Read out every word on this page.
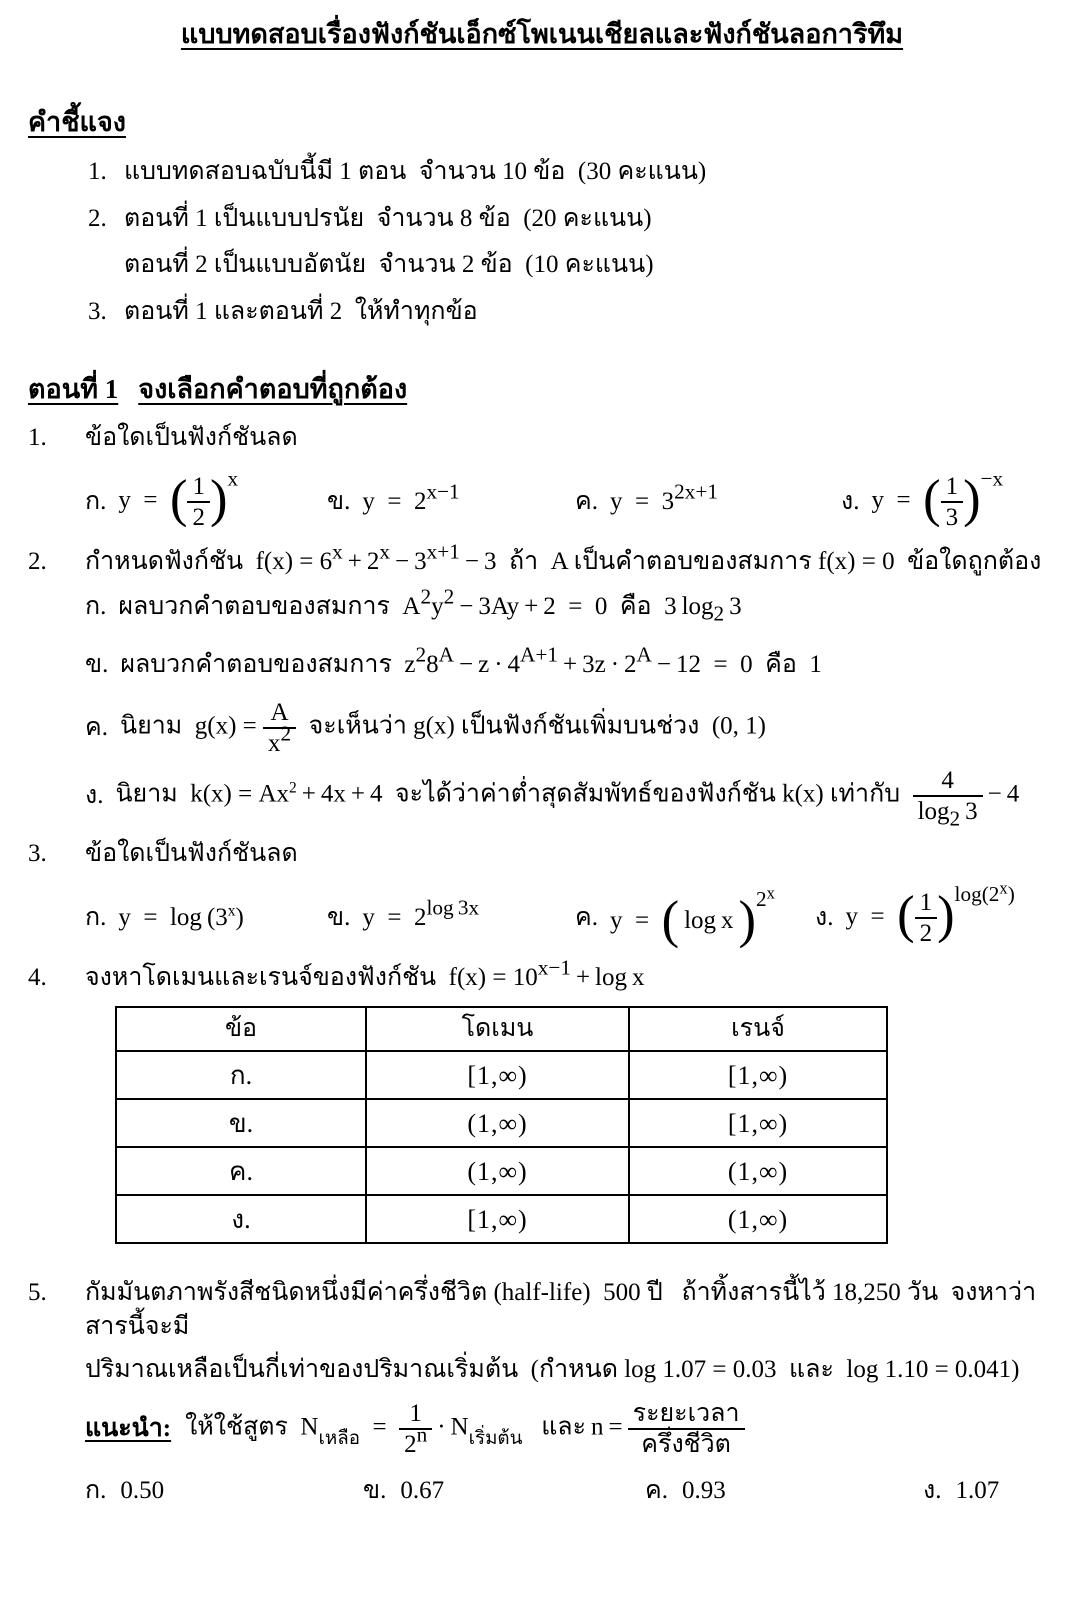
แบบทดสอบเรื่องฟังก์ชันเอ็กซ์โพเนนเชียลและฟังก์ชันลอการิทึม
คำชี้แจง
1. แบบทดสอบฉบับนี้มี 1 ตอน  จำนวน 10 ข้อ  (30 คะแนน)
2. ตอนที่ 1 เป็นแบบปรนัย  จำนวน 8 ข้อ  (20 คะแนน)
ตอนที่ 2 เป็นแบบอัตนัย  จำนวน 2 ข้อ  (10 คะแนน)
3. ตอนที่ 1 และตอนที่ 2  ให้ทำทุกข้อ
ตอนที่ 1 จงเลือกคำตอบที่ถูกต้อง
1.	ข้อใดเป็นฟังก์ชันลด
ก. y  =  ( $\frac{1}{2} )^x$
ข. $y = 2^{x-1}$	ค. $y = 3^{2x+1}$	ง. y  =  ( $\frac{1}{3} )^{-x}$
2.	กำหนดฟังก์ชัน  $f(x) = 6^x + 2^x - 3^{x+1} - 3$  ถ้า  A เป็นคำตอบของสมการ f(x) = 0  ข้อใดถูกต้อง
ก. ผลบวกคำตอบของสมการ  $A^2y^2 - 3Ay + 2 = 0$  คือ  3 $\log_2 3$
ข. ผลบวกคำตอบของสมการ  $z^28^A - z \cdot 4^{A+1} + 3z \cdot 2^A - 12 = 0$  คือ  1
ค. นิยาม  $g(x) = \frac{A}{x^2}$ จะเห็นว่า g(x) เป็นฟังก์ชันเพิ่มบนช่วง  (0, 1)
ง. นิยาม  $k(x) = Ax^2 + 4x + 4$  จะได้ว่าค่าต่ำสุดสัมพัทธ์ของฟังก์ชัน k(x) เท่ากับ $\frac{4}{\log_2 3} - 4$
3.	ข้อใดเป็นฟังก์ชันลด
ก. y  =  log (3$^x$)	ข. $y = 2^{log 3x}$	ค. y  =  ( log x )$^{2^x}$
ง. y  =  ( $\frac{1}{2} )^{log(2^x)}$
4.	จงหาโดเมนและเรนจ์ของฟังก์ชัน  $f(x) = 10^{x-1} + \log x$
ข้อ	โดเมน	เรนจ์
ก.	[1,∞)	[1,∞)
ข.	(1,∞)	[1,∞)
ค.	(1,∞)	(1,∞)
ง.	[1,∞)	(1,∞)
5.	กัมมันตภาพรังสีชนิดหนึ่งมีค่าครึ่งชีวิต (half-life)  500 ปี   ถ้าทิ้งสารนี้ไว้ 18,250 วัน  จงหาว่าสารนี้จะมี
ปริมาณเหลือเป็นกี่เท่าของปริมาณเริ่มต้น  (กำหนด log 1.07 = 0.03  และ  log 1.10 = 0.041)
แนะนำ: ให้ใช้สูตร  $N_{เหลือ} = \frac{1}{2^n} \cdot N_{เริ่มต้น}$   และ n = 
ระยะเวลา
ครึ่งชีวิต
ก. 0.50	ข. 0.67	ค. 0.93	ง. 1.07
